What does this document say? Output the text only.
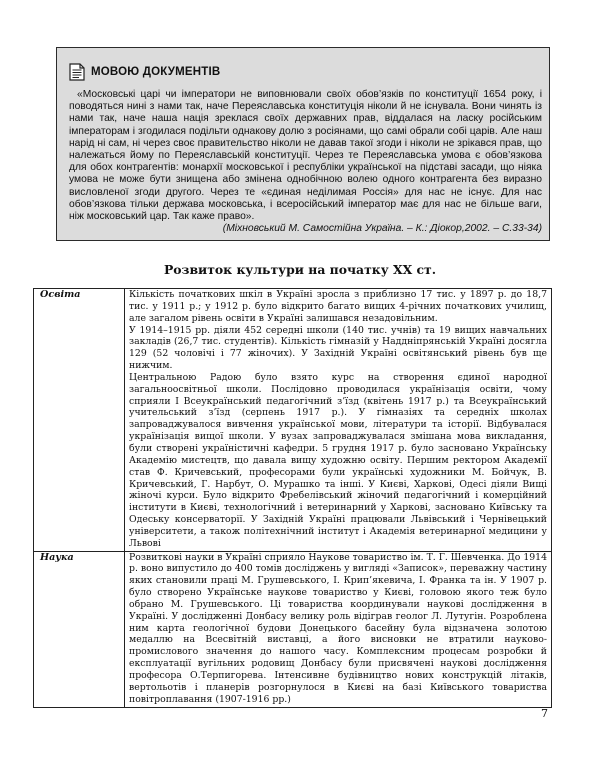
МОВОЮ ДОКУМЕНТІВ

«Московські царі чи імператори не виповнювали своїх обов’язків по конституції 1654 року, і поводяться нині з нами так, наче Переяславська конституція ніколи й не існувала. Вони чинять із нами так, наче наша нація зреклася своїх державних прав, віддалася на ласку російським імператорам і згодилася подільти однакову долю з росіянами, що самі обрали собі царів. Але наш нарід ні сам, ні через своє правительство ніколи не давав такої згоди і ніколи не зрікався прав, що належаться йому по Переяславській конституції. Через те Переяславська умова є обов’язкова для обох контрагентів: монархії московської і республіки української на підставі засади, що ніяка умова не може бути знищена або змінена однобічною волею одного контрагента без виразно висловленої згоди другого. Через те «єдиная неділимая Россія» для нас не існує. Для нас обов’язкова тільки держава московська, і всеросійський імператор має для нас не більше ваги, ніж московський цар. Так каже право».

(Міхновський М. Самостійна Україна. – К.: Діокор,2002. – С.33-34)

Розвиток культури на початку ХХ ст.
Освіта	Кількість початкових шкіл в Україні зросла з приблизно 17 тис. у 1897 р. до 18,7 тис. у 1911 р.; у 1912 р. було відкрито багато вищих 4-річних початкових училищ, але загалом рівень освіти в Україні залишався незадовільним.

У 1914–1915 рр. діяли 452 середні школи (140 тис. учнів) та 19 вищих навчальних закладів (26,7 тис. студентів). Кількість гімназій у Наддніпрянській Україні досягла 129 (52 чоловічі і 77 жіночих). У Західній Україні освітянський рівень був ще нижчим.

Центральною Радою було взято курс на створення єдиної народної загальноосвітньої школи. Послідовно проводилася українізація освіти, чому сприяли І Всеукраїнський педагогічний з’їзд (квітень 1917 р.) та Всеукраїнський учительський з’їзд (серпень 1917 р.). У гімназіях та середніх школах запроваджувалося вивчення української мови, літератури та історії. Відбувалася українізація вищої школи. У вузах запроваджувалася змішана мова викладання, були створені україністичні кафедри. 5 грудня 1917 р. було засновано Українську Академію мистецтв, що давала вищу художню освіту. Першим ректором Академії став Ф. Кричевський, професорами були українські художники М. Бойчук, В. Кричевський, Г. Нарбут, О. Мурашко та інші. У Києві, Харкові, Одесі діяли Вищі жіночі курси. Було відкрито Фребелівський жіночий педагогічний і комерційний інститути в Києві, технологічний і ветеринарний у Харкові, засновано Київську та Одеську консерваторії. У Західній Україні працювали Львівський і Чернівецький університети, а також політехнічний інститут і Академія ветеринарної медицини у Львові

Наука	Розвиткові науки в Україні сприяло Наукове товариство ім. Т. Г. Шевченка. До 1914 р. воно випустило до 400 томів досліджень у вигляді «Записок», переважну частину яких становили праці М. Грушевського, І. Крип’якевича, І. Франка та ін. У 1907 р. було створено Українське наукове товариство у Києві, головою якого теж було обрано М. Грушевського. Ці товариства координували наукові дослідження в Україні. У дослідженні Донбасу велику роль відіграв геолог Л. Лутугін. Розроблена ним карта геологічної будови Донецького басейну була відзначена золотою медаллю на Всесвітній виставці, а його висновки не втратили науково-промислового значення до нашого часу. Комплексним процесам розробки й експлуатації вугільних родовищ Донбасу були присвячені наукові дослідження професора О.Терпигорева. Інтенсивне будівництво нових конструкцій літаків, вертольотів і планерів розгорнулося в Києві на базі Київського товариства повітроплавання (1907-1916 рр.)

7
